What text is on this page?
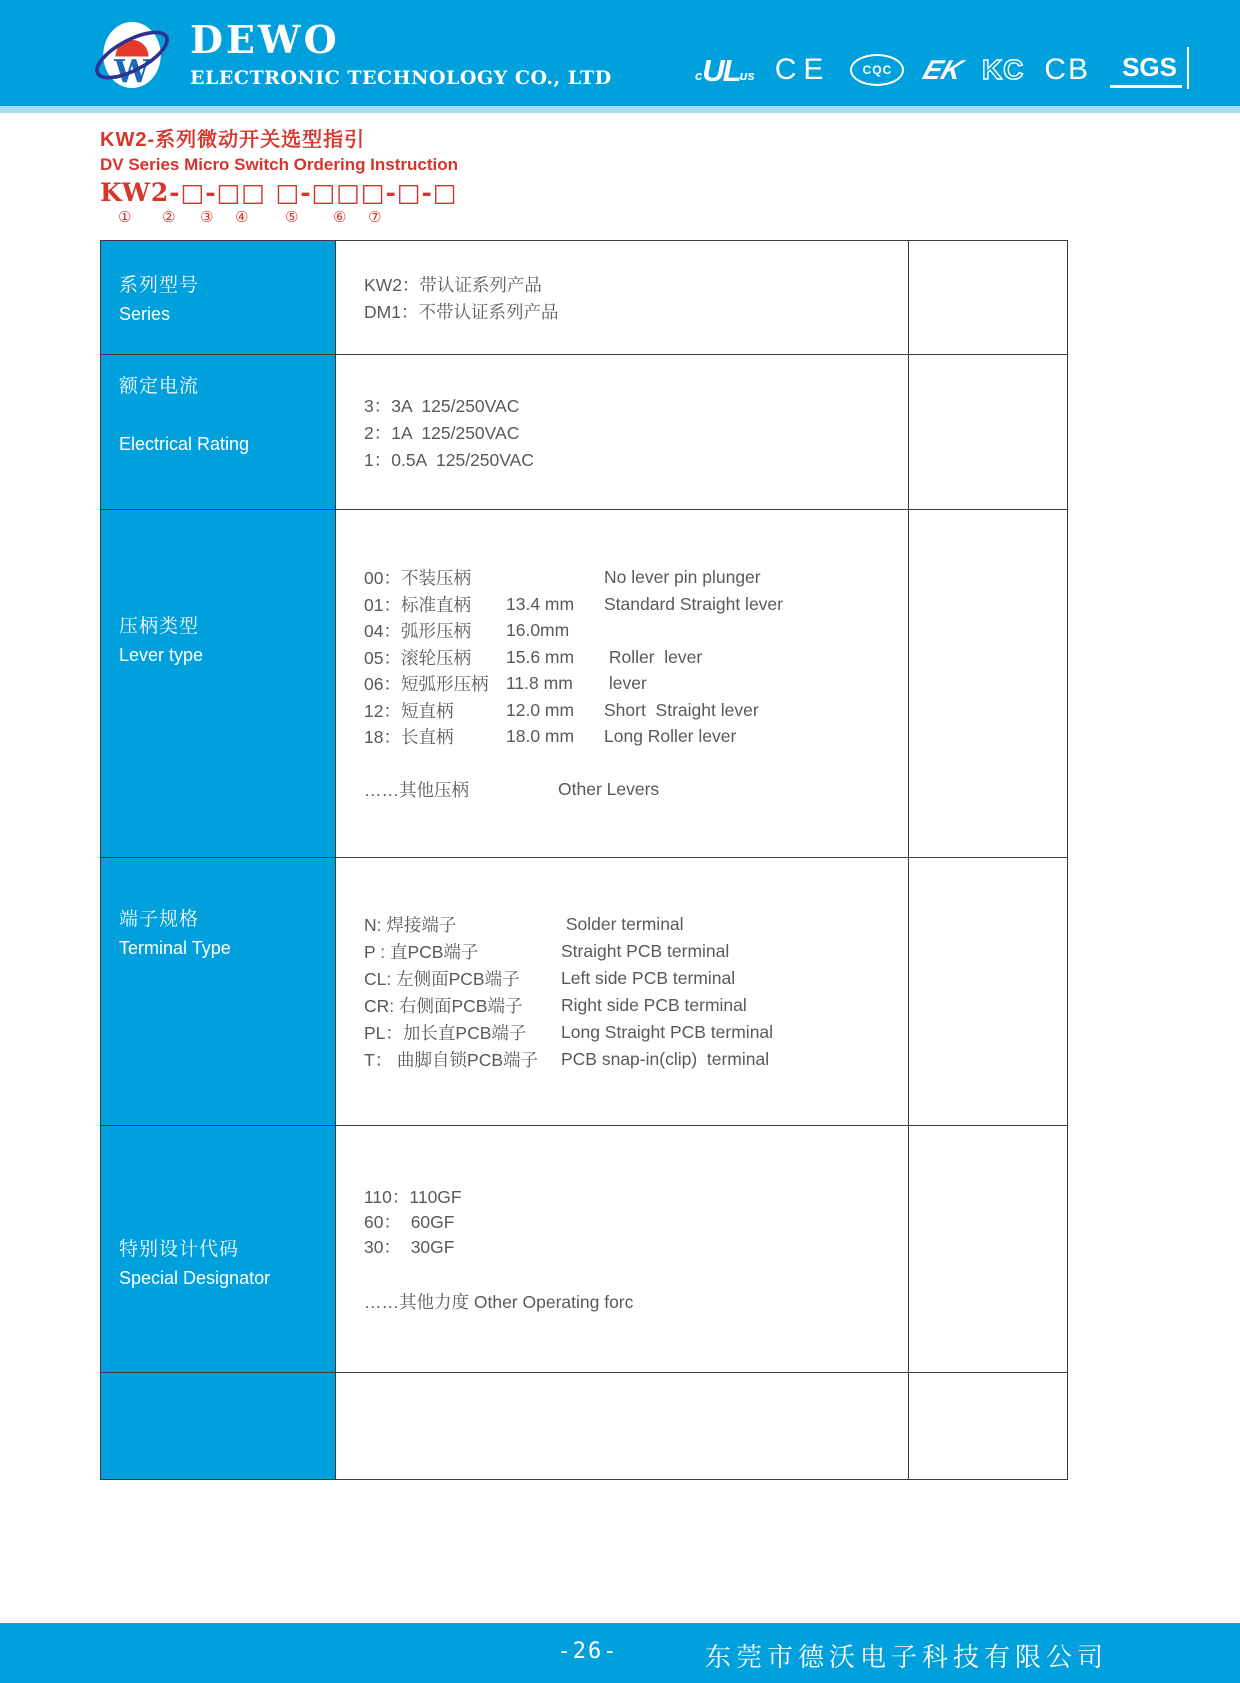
W
DEWO
ELECTRONIC TECHNOLOGY CO., LTD	c UL us CE	CQC	EK KC CB	SGS
KW2-系列微动开关选型指引
DV Series Micro Switch Ordering Instruction
KW2-□-□□ □-□□□-□-□
① ② ③ ④ ⑤ ⑥ ⑦
系列型号
Series
KW2：带认证系列产品
DM1：不带认证系列产品
额定电流
Electrical Rating
3：3A  125/250VAC
2：1A  125/250VAC
1：0.5A  125/250VAC
压柄类型
Lever type
00：不装压柄	No lever pin plunger
01：标准直柄	13.4 mm	Standard Straight lever
04：弧形压柄	16.0mm
05：滚轮压柄	15.6 mm	Roller  lever
06：短弧形压柄	11.8 mm	lever
12：短直柄	12.0 mm	Short  Straight lever
18：长直柄	18.0 mm	Long Roller lever
……其他压柄	Other Levers
端子规格
Terminal Type
N: 焊接端子	Solder terminal
P : 直PCB端子	Straight PCB terminal
CL: 左侧面PCB端子	Left side PCB terminal
CR: 右侧面PCB端子	Right side PCB terminal
PL：加长直PCB端子	Long Straight PCB terminal
T： 曲脚自锁PCB端子	PCB snap-in(clip)  terminal
特别设计代码
Special Designator
110：110GF
60：  60GF
30：  30GF
……其他力度 Other Operating forc
-26-	东莞市德沃电子科技有限公司
